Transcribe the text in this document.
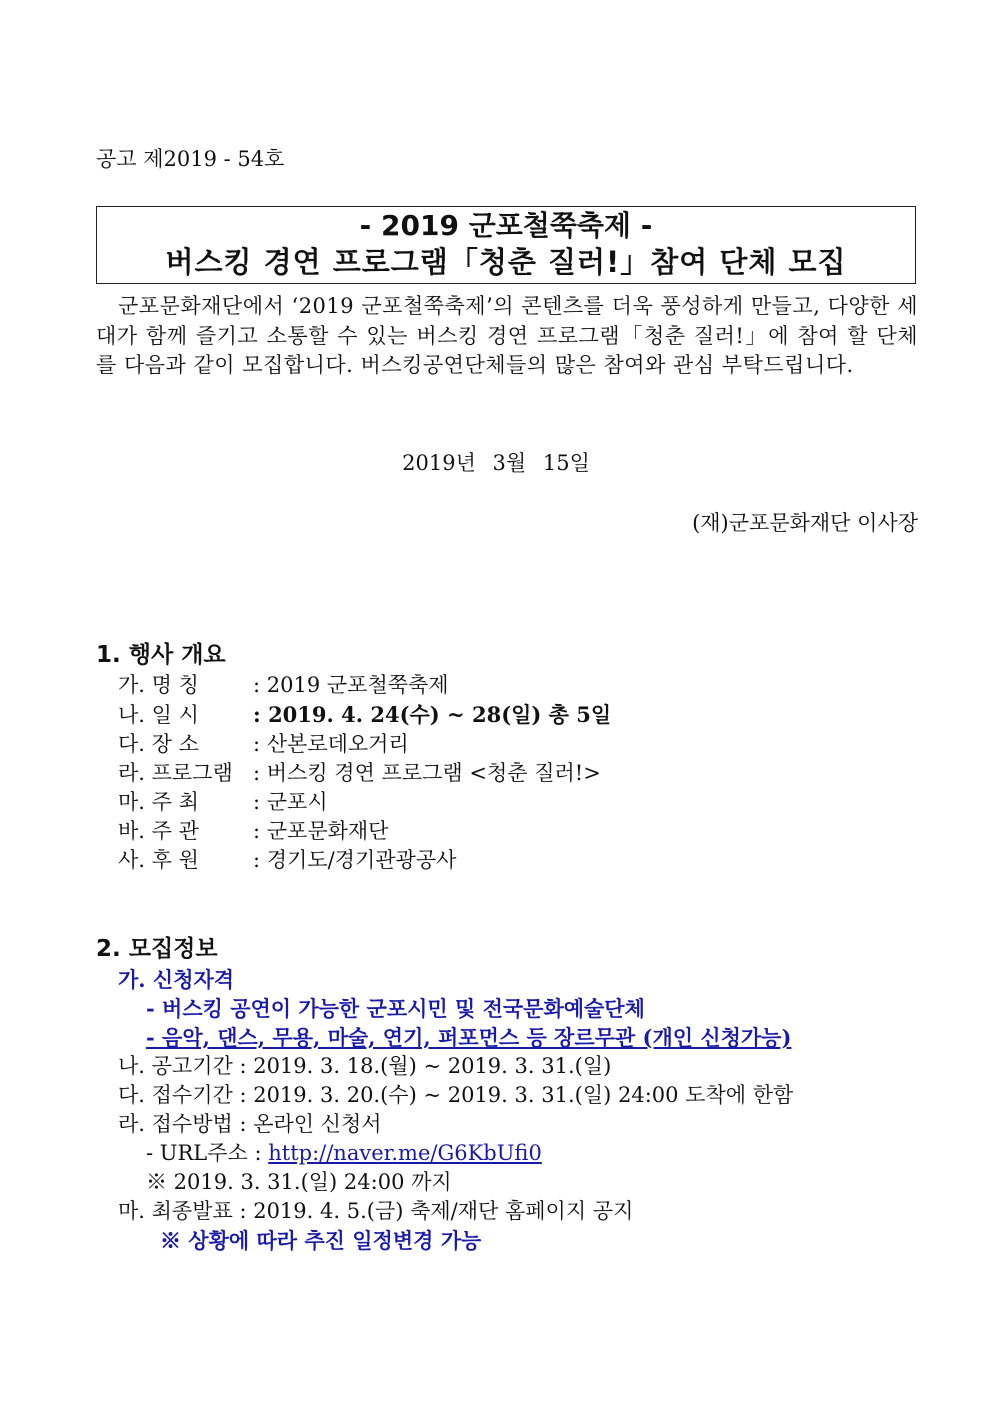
공고 제2019 - 54호
- 2019 군포철쭉축제 -
버스킹 경연 프로그램「청춘 질러!」참여 단체 모집
군포문화재단에서 ‘2019 군포철쭉축제’의 콘텐츠를 더욱 풍성하게 만들고, 다양한 세대가 함께 즐기고 소통할 수 있는 버스킹 경연 프로그램「청춘 질러!」에 참여 할 단체를 다음과 같이 모집합니다. 버스킹공연단체들의 많은 참여와 관심 부탁드립니다.
2019년 3월 15일
(재)군포문화재단 이사장
1. 행사 개요
가. 명 칭	: 2019 군포철쭉축제
나. 일 시	: 2019. 4. 24(수) ~ 28(일) 총 5일
다. 장 소	: 산본로데오거리
라. 프로그램 : 버스킹 경연 프로그램 <청춘 질러!>
마. 주 최	: 군포시
바. 주 관	: 군포문화재단
사. 후 원	: 경기도/경기관광공사
2. 모집정보
가. 신청자격
- 버스킹 공연이 가능한 군포시민 및 전국문화예술단체
- 음악, 댄스, 무용, 마술, 연기, 퍼포먼스 등 장르무관 (개인 신청가능)
나. 공고기간 : 2019. 3. 18.(월) ~ 2019. 3. 31.(일)
다. 접수기간 : 2019. 3. 20.(수) ~ 2019. 3. 31.(일) 24:00 도착에 한함
라. 접수방법 : 온라인 신청서
- URL주소 : http://naver.me/G6KbUfi0
※ 2019. 3. 31.(일) 24:00 까지
마. 최종발표 : 2019. 4. 5.(금) 축제/재단 홈페이지 공지
※ 상황에 따라 추진 일정변경 가능
